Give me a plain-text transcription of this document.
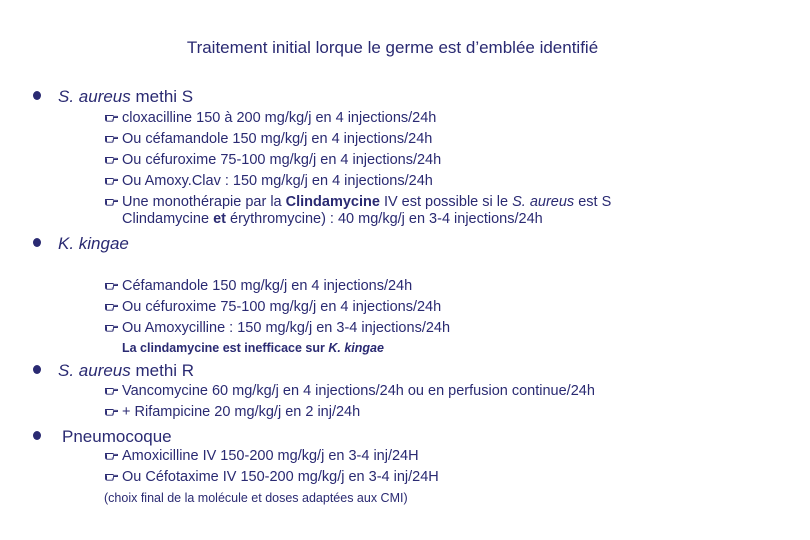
Traitement initial lorque le germe est d’emblée identifié
S. aureus methi S
cloxacilline 150 à 200 mg/kg/j en 4 injections/24h
Ou céfamandole 150 mg/kg/j en 4 injections/24h
Ou céfuroxime 75-100 mg/kg/j en 4 injections/24h
Ou Amoxy.Clav : 150 mg/kg/j en 4 injections/24h
Une monothérapie par la Clindamycine IV est possible si le S. aureus est S
Clindamycine et érythromycine) : 40 mg/kg/j en 3-4 injections/24h
K. kingae
Céfamandole 150 mg/kg/j en 4 injections/24h
Ou céfuroxime 75-100 mg/kg/j en 4 injections/24h
Ou Amoxycilline : 150 mg/kg/j en 3-4 injections/24h
La clindamycine est inefficace sur K. kingae
S. aureus methi R
Vancomycine 60 mg/kg/j en 4 injections/24h ou en perfusion continue/24h
+ Rifampicine 20 mg/kg/j en 2 inj/24h
Pneumocoque
Amoxicilline IV 150-200 mg/kg/j en 3-4 inj/24H
Ou Céfotaxime IV 150-200 mg/kg/j en 3-4 inj/24H
(choix final de la molécule et doses adaptées aux CMI)
